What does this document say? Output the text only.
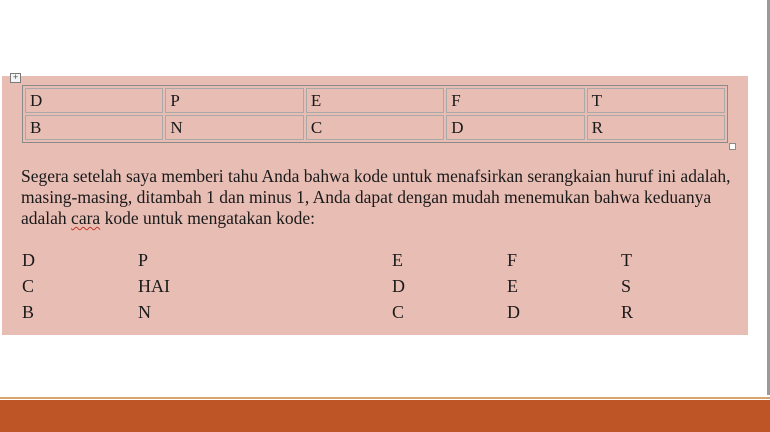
+
D	P	E	F	T
B	N	C	D	R

Segera setelah saya memberi tahu Anda bahwa kode untuk menafsirkan serangkaian huruf ini adalah, masing-masing, ditambah 1 dan minus 1, Anda dapat dengan mudah menemukan bahwa keduanya adalah cara kode untuk mengatakan kode:

D	P	E	F	T
C	HAI	D	E	S
B	N	C	D	R
